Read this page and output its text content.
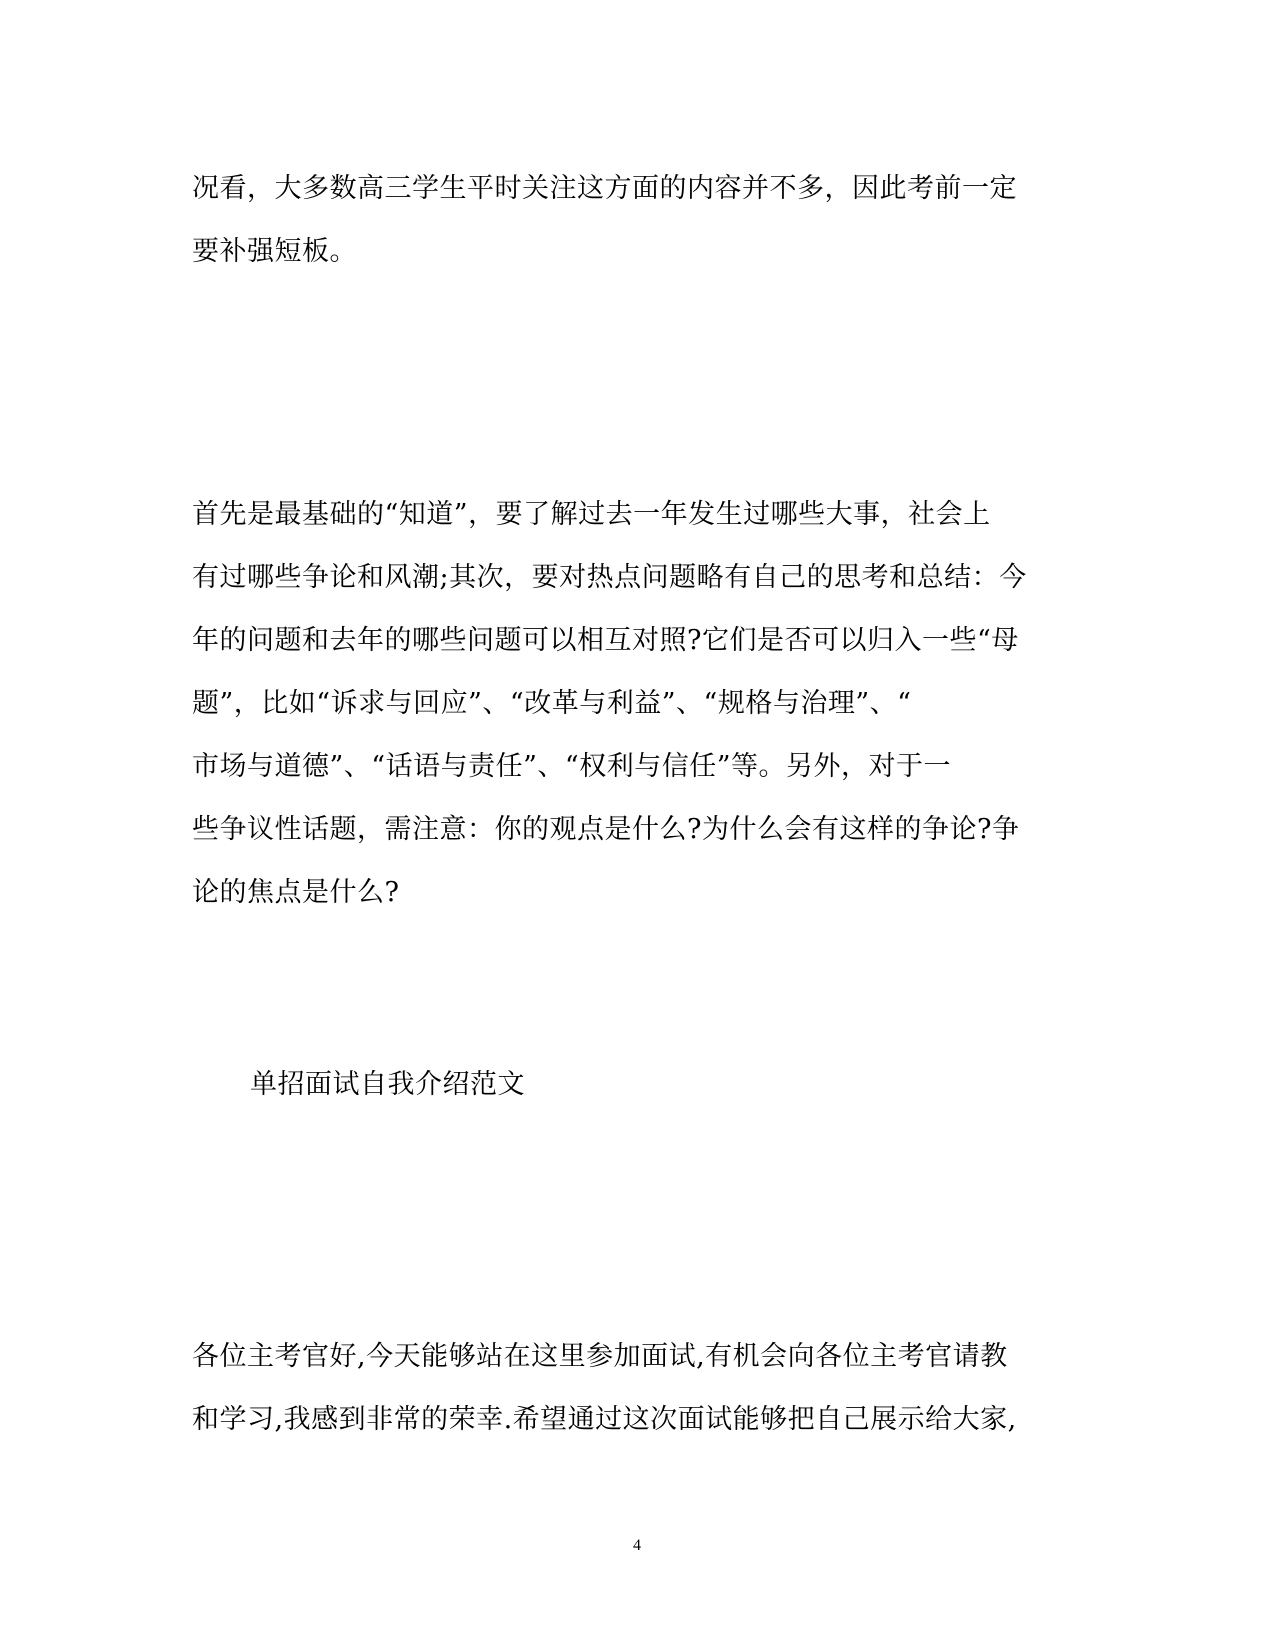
况看，大多数高三学生平时关注这方面的内容并不多，因此考前一定
要补强短板。

首先是最基础的“知道”，要了解过去一年发生过哪些大事，社会上
有过哪些争论和风潮;其次，要对热点问题略有自己的思考和总结：今
年的问题和去年的哪些问题可以相互对照?它们是否可以归入一些“母
题”，比如“诉求与回应”、“改革与利益”、“规格与治理”、“
市场与道德”、“话语与责任”、“权利与信任”等。另外，对于一
些争议性话题，需注意：你的观点是什么?为什么会有这样的争论?争
论的焦点是什么?

单招面试自我介绍范文

各位主考官好,今天能够站在这里参加面试,有机会向各位主考官请教
和学习,我感到非常的荣幸.希望通过这次面试能够把自己展示给大家,

4
